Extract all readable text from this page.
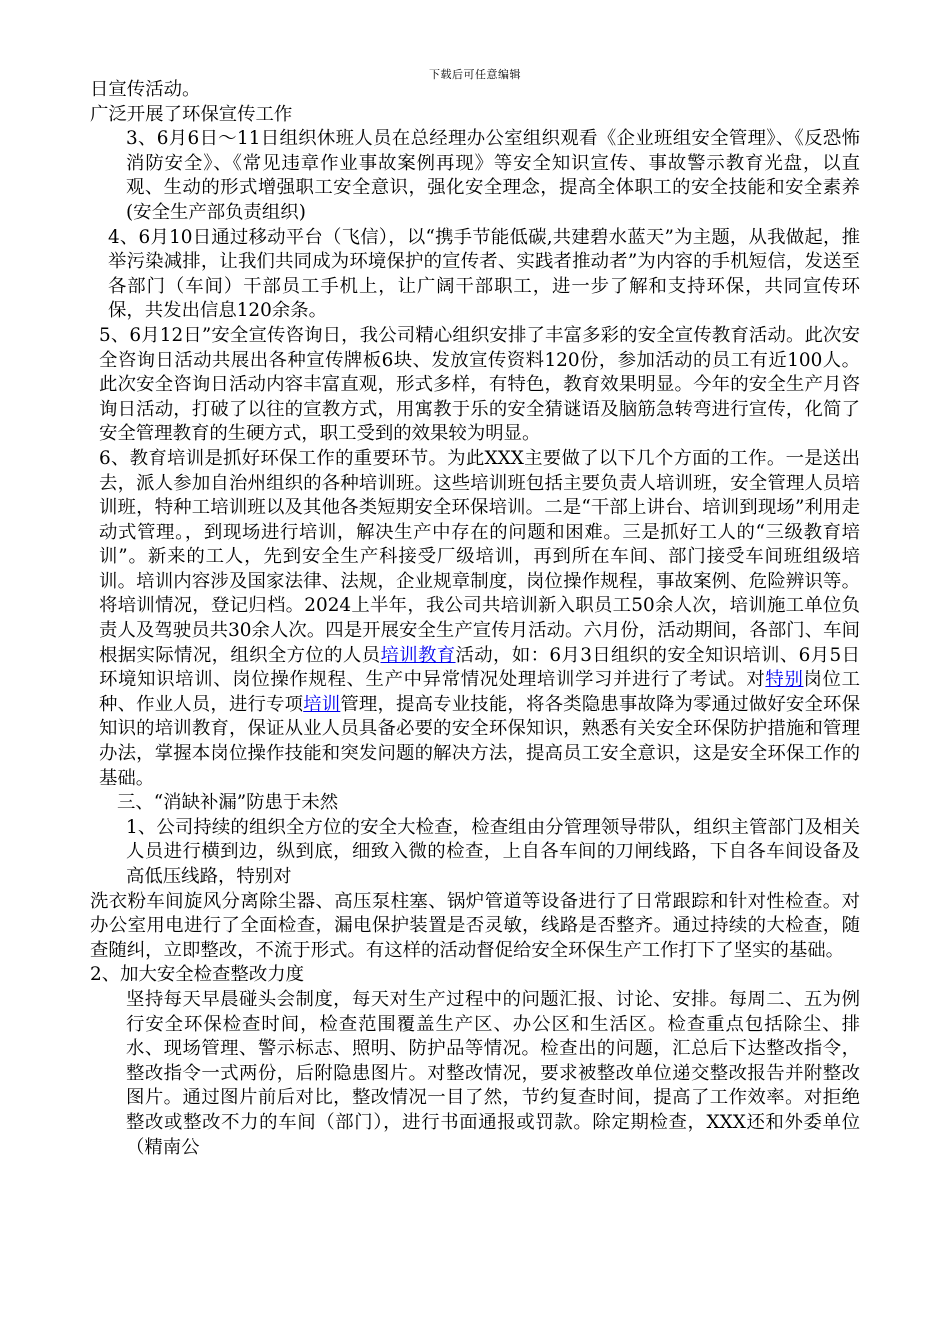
下载后可任意编辑

日宣传活动。

广泛开展了环保宣传工作

3、6月6日～11日组织休班人员在总经理办公室组织观看《企业班组安全管理》、《反恐怖消防安全》、《常见违章作业事故案例再现》等安全知识宣传、事故警示教育光盘，以直观、生动的形式增强职工安全意识，强化安全理念，提高全体职工的安全技能和安全素养(安全生产部负责组织)

4、6月10日通过移动平台（飞信），以“携手节能低碳,共建碧水蓝天”为主题，从我做起，推举污染减排，让我们共同成为环境保护的宣传者、实践者推动者”为内容的手机短信，发送至各部门（车间）干部员工手机上，让广阔干部职工，进一步了解和支持环保，共同宣传环保，共发出信息120余条。

5、6月12日”安全宣传咨询日，我公司精心组织安排了丰富多彩的安全宣传教育活动。此次安全咨询日活动共展出各种宣传牌板6块、发放宣传资料120份，参加活动的员工有近100人。此次安全咨询日活动内容丰富直观，形式多样，有特色，教育效果明显。今年的安全生产月咨询日活动，打破了以往的宣教方式，用寓教于乐的安全猜谜语及脑筋急转弯进行宣传，化简了安全管理教育的生硬方式，职工受到的效果较为明显。

6、教育培训是抓好环保工作的重要环节。为此XXX主要做了以下几个方面的工作。一是送出去，派人参加自治州组织的各种培训班。这些培训班包括主要负责人培训班，安全管理人员培训班，特种工培训班以及其他各类短期安全环保培训。二是“干部上讲台、培训到现场”利用走动式管理。，到现场进行培训，解决生产中存在的问题和困难。三是抓好工人的“三级教育培训”。新来的工人，先到安全生产科接受厂级培训，再到所在车间、部门接受车间班组级培训。培训内容涉及国家法律、法规，企业规章制度，岗位操作规程，事故案例、危险辨识等。将培训情况，登记归档。2024上半年，我公司共培训新入职员工50余人次，培训施工单位负责人及驾驶员共30余人次。四是开展安全生产宣传月活动。六月份，活动期间，各部门、车间根据实际情况，组织全方位的人员培训教育活动，如：6月3日组织的安全知识培训、6月5日环境知识培训、岗位操作规程、生产中异常情况处理培训学习并进行了考试。对特别岗位工种、作业人员，进行专项培训管理，提高专业技能，将各类隐患事故降为零通过做好安全环保知识的培训教育，保证从业人员具备必要的安全环保知识，熟悉有关安全环保防护措施和管理办法，掌握本岗位操作技能和突发问题的解决方法，提高员工安全意识，这是安全环保工作的基础。

三、“消缺补漏”防患于未然

1、公司持续的组织全方位的安全大检查，检查组由分管理领导带队，组织主管部门及相关人员进行横到边，纵到底，细致入微的检查，上自各车间的刀闸线路，下自各车间设备及高低压线路，特别对

洗衣粉车间旋风分离除尘器、高压泵柱塞、锅炉管道等设备进行了日常跟踪和针对性检查。对办公室用电进行了全面检查，漏电保护装置是否灵敏，线路是否整齐。通过持续的大检查，随查随纠，立即整改，不流于形式。有这样的活动督促给安全环保生产工作打下了坚实的基础。

2、加大安全检查整改力度

坚持每天早晨碰头会制度，每天对生产过程中的问题汇报、讨论、安排。每周二、五为例行安全环保检查时间，检查范围覆盖生产区、办公区和生活区。检查重点包括除尘、排水、现场管理、警示标志、照明、防护品等情况。检查出的问题，汇总后下达整改指令，整改指令一式两份，后附隐患图片。对整改情况，要求被整改单位递交整改报告并附整改图片。通过图片前后对比，整改情况一目了然，节约复查时间，提高了工作效率。对拒绝整改或整改不力的车间（部门），进行书面通报或罚款。除定期检查，XXX还和外委单位（精南公
